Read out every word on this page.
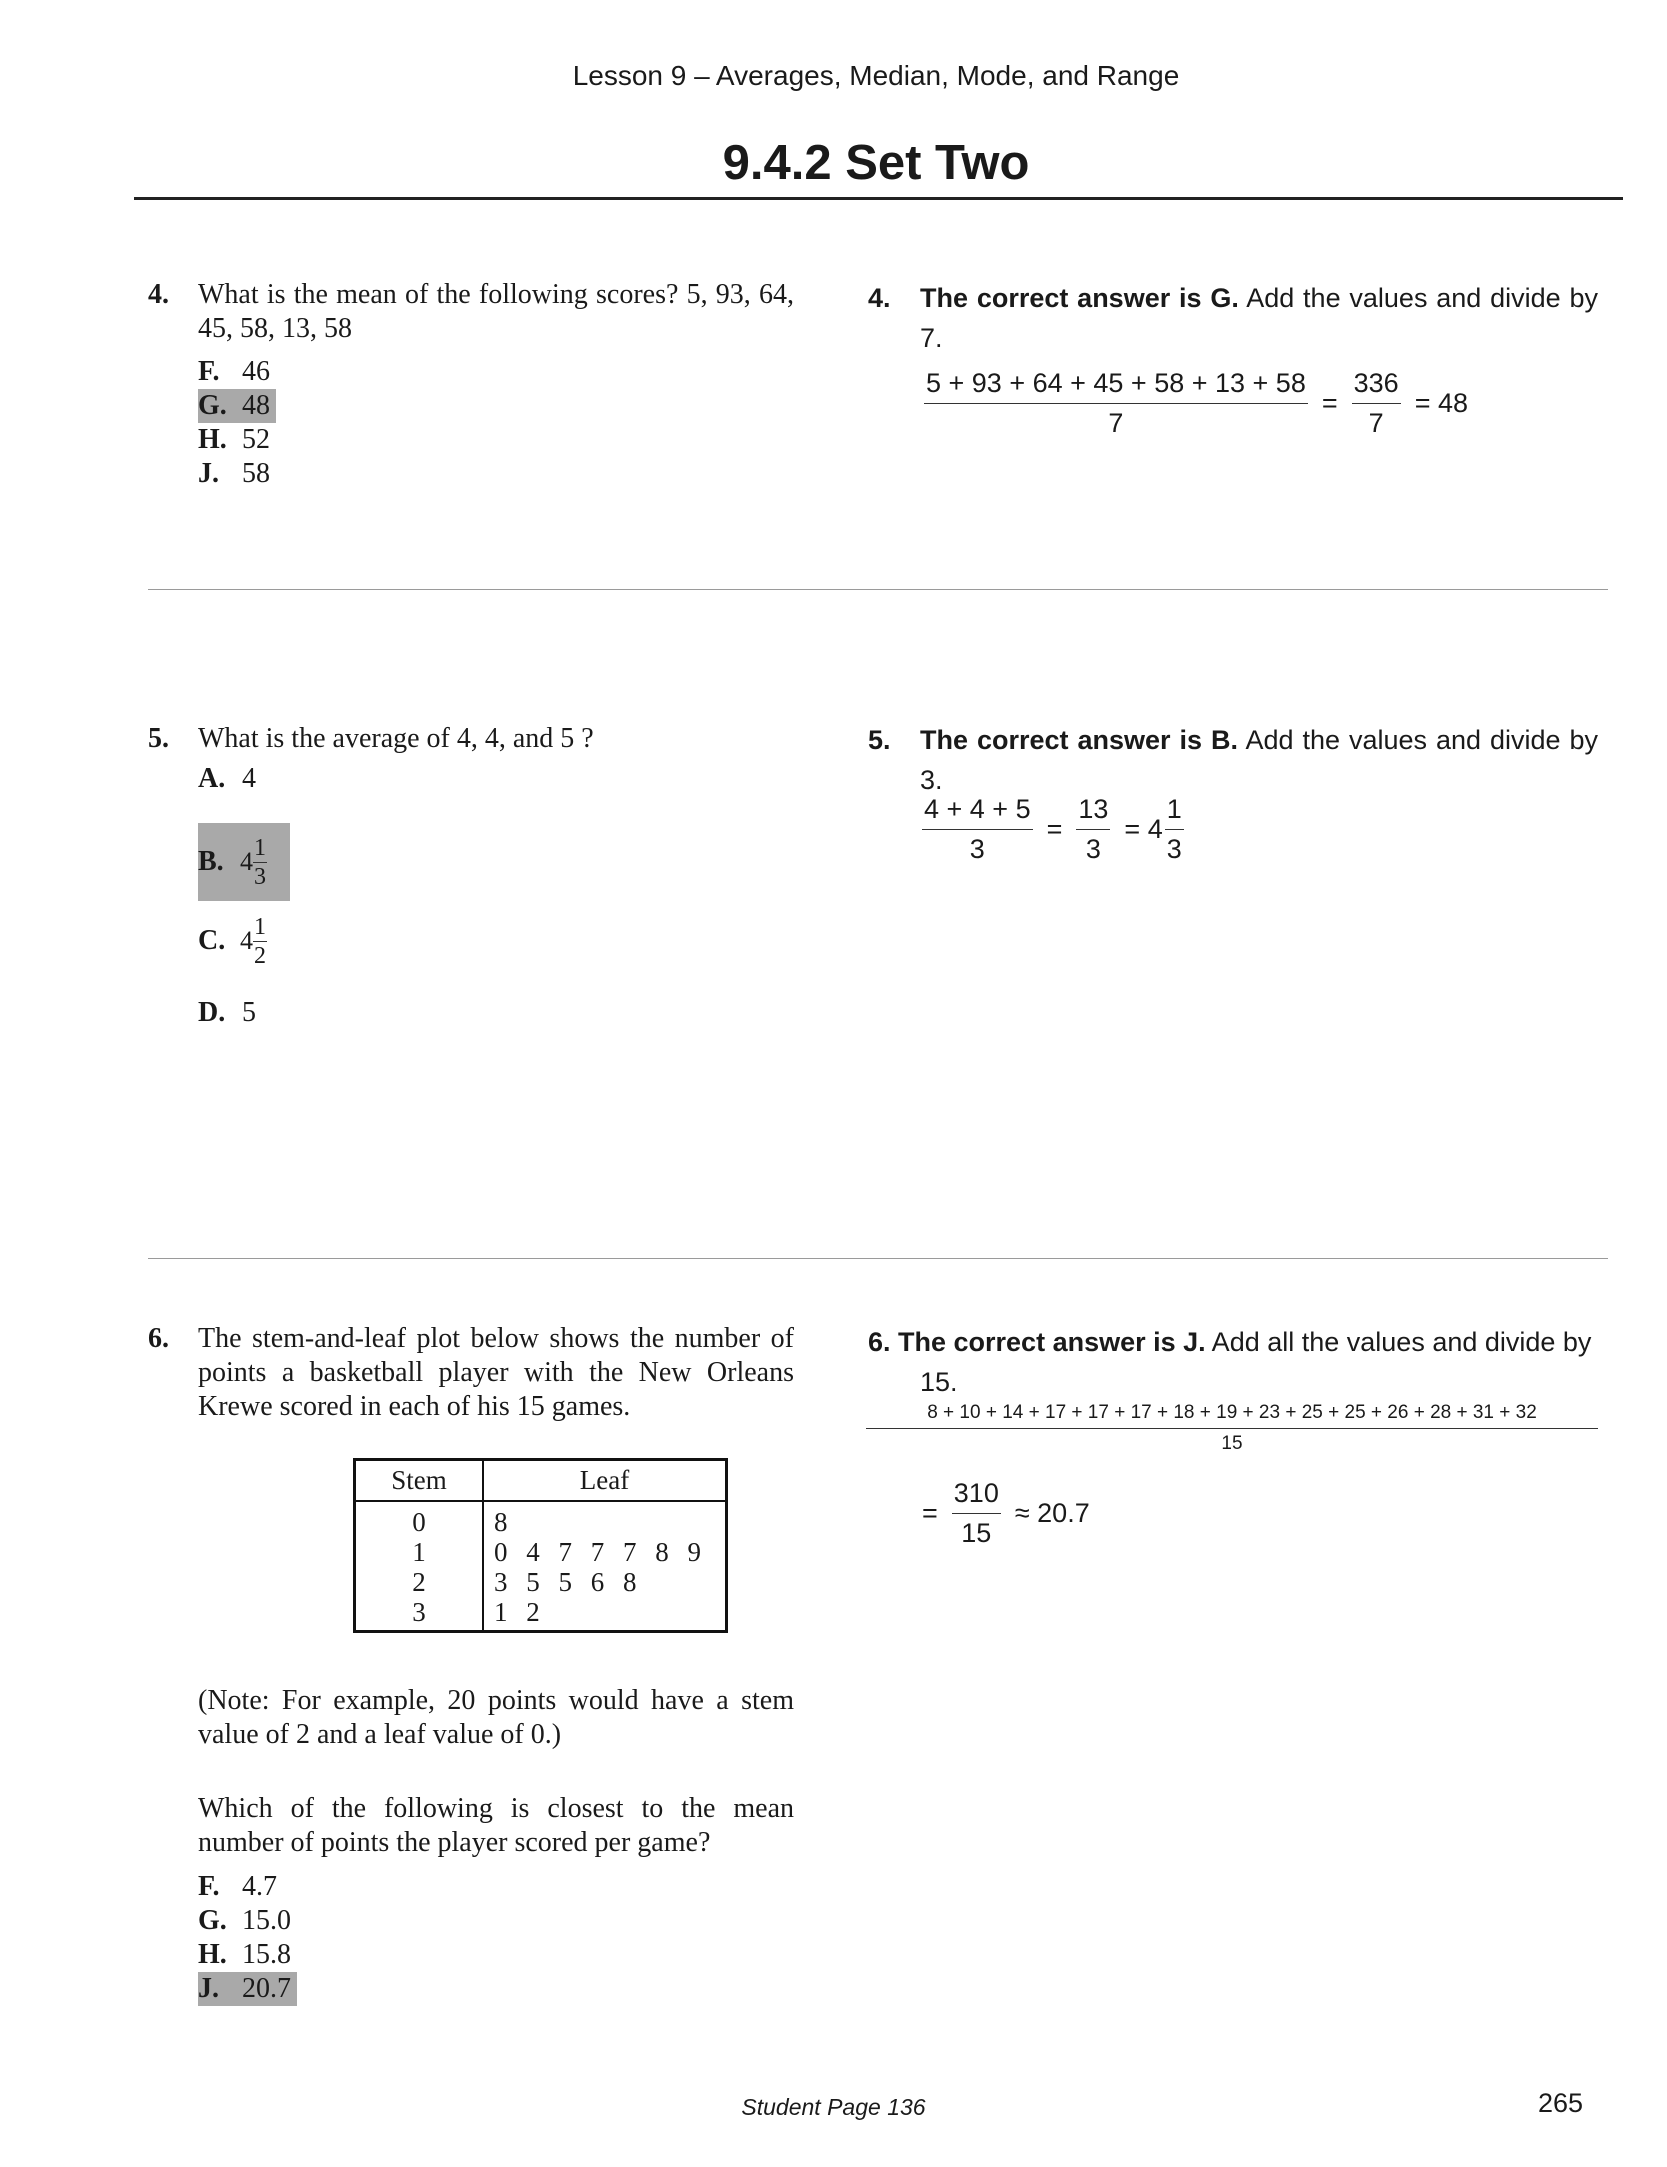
Lesson 9 – Averages, Median, Mode, and Range
9.4.2 Set Two
4. What is the mean of the following scores? 5, 93, 64, 45, 58, 13, 58
F. 46
G. 48
H. 52
J. 58
4. The correct answer is G. Add the values and divide by 7.
$\frac{5 + 93 + 64 + 45 + 58 + 13 + 58}{7} = \frac{336}{7} = 48$
5. What is the average of 4, 4, and 5 ?
A. 4
B. $4 \frac{1}{3}$
C. $4 \frac{1}{2}$
D. 5
5. The correct answer is B. Add the values and divide by 3.
$\frac{4 + 4 + 5}{3} = \frac{13}{3} = 4 \frac{1}{3}$
6. The stem-and-leaf plot below shows the number of points a basketball player with the New Orleans Krewe scored in each of his 15 games.
Stem	Leaf
0	8
1	0 4 7 7 7 8 9
2	3 5 5 6 8
3	1 2
(Note: For example, 20 points would have a stem value of 2 and a leaf value of 0.)
Which of the following is closest to the mean number of points the player scored per game?
F. 4.7
G. 15.0
H. 15.8
J. 20.7
6. The correct answer is J. Add all the values and divide by 15.
8 + 10 + 14 + 17 + 17 + 17 + 18 + 19 + 23 + 25 + 25 + 26 + 28 + 31 + 32
15
= $\frac{310}{15} \approx 20.7$
Student Page 136	265
